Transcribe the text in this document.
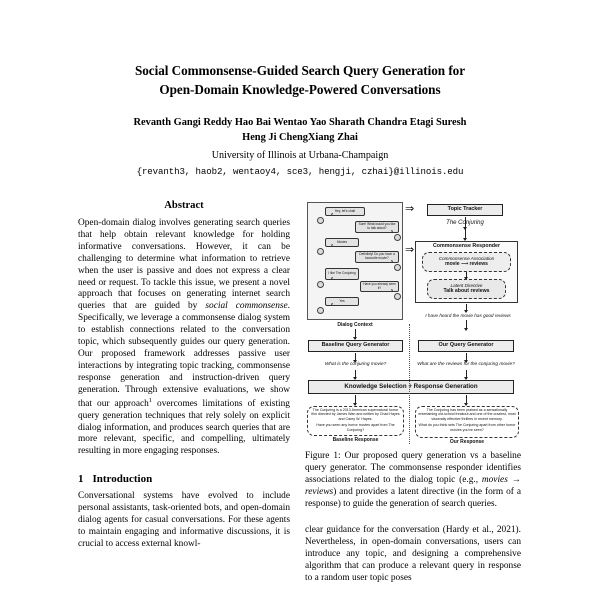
Social Commonsense-Guided Search Query Generation for
Open-Domain Knowledge-Powered Conversations
Revanth Gangi Reddy Hao Bai Wentao Yao Sharath Chandra Etagi Suresh
Heng Ji ChengXiang Zhai
University of Illinois at Urbana-Champaign
{revanth3, haob2, wentaoy4, sce3, hengji, czhai}@illinois.edu
Abstract
Open-domain dialog involves generating search queries that help obtain relevant knowledge for holding informative conversations. However, it can be challenging to determine what information to retrieve when the user is passive and does not express a clear need or request. To tackle this issue, we present a novel approach that focuses on generating internet search queries that are guided by social commonsense. Specifically, we leverage a commonsense dialog system to establish connections related to the conversation topic, which subsequently guides our query generation. Our proposed framework addresses passive user interactions by integrating topic tracking, commonsense response generation and instruction-driven query generation. Through extensive evaluations, we show that our approach$^1$ overcomes limitations of existing query generation techniques that rely solely on explicit dialog information, and produces search queries that are more relevant, specific, and compelling, ultimately resulting in more engaging responses.
1 Introduction
Conversational systems have evolved to include personal assistants, task-oriented bots, and open-domain dialog agents for casual conversations. For these agents to maintain engaging and informative discussions, it is crucial to access external knowl-
Hey, let's chat!
Sure! What would you like to talk about?
Movies
Definitely! Do you have a favourite movie?
I like The Conjuring
Have you already seen it?
Yes
Dialog Context
⇒
⇒
Topic Tracker
The Conjuring
Commonsense Responder
Commonsense Association
movie ⟶ reviews
Latent Directive
Talk about reviews
I have heard the movie has good reviews
Baseline Query Generator	Our Query Generator
What is the conjuring movie?	What are the reviews for the conjuring movie?
Knowledge Selection + Response Generation
The Conjuring is a 2013 American supernatural horror film directed by James Wan and written by Chad Hayes and Carey W. Hayes.
Have you seen any horror movies apart from The Conjuring?
The Conjuring has been praised as a sensationally entertaining old-school freakout and one of the craziest, most viscerally effective thrillers in recent memory.
What do you think sets The Conjuring apart from other horror movies you've seen?
Baseline Response	Our Response
Figure 1: Our proposed query generation vs a baseline query generator. The commonsense responder identifies associations related to the dialog topic (e.g., movies → reviews) and provides a latent directive (in the form of a response) to guide the generation of search queries.
clear guidance for the conversation (Hardy et al., 2021). Nevertheless, in open-domain conversations, users can introduce any topic, and designing a comprehensive algorithm that can produce a relevant query in response to a random user topic poses
